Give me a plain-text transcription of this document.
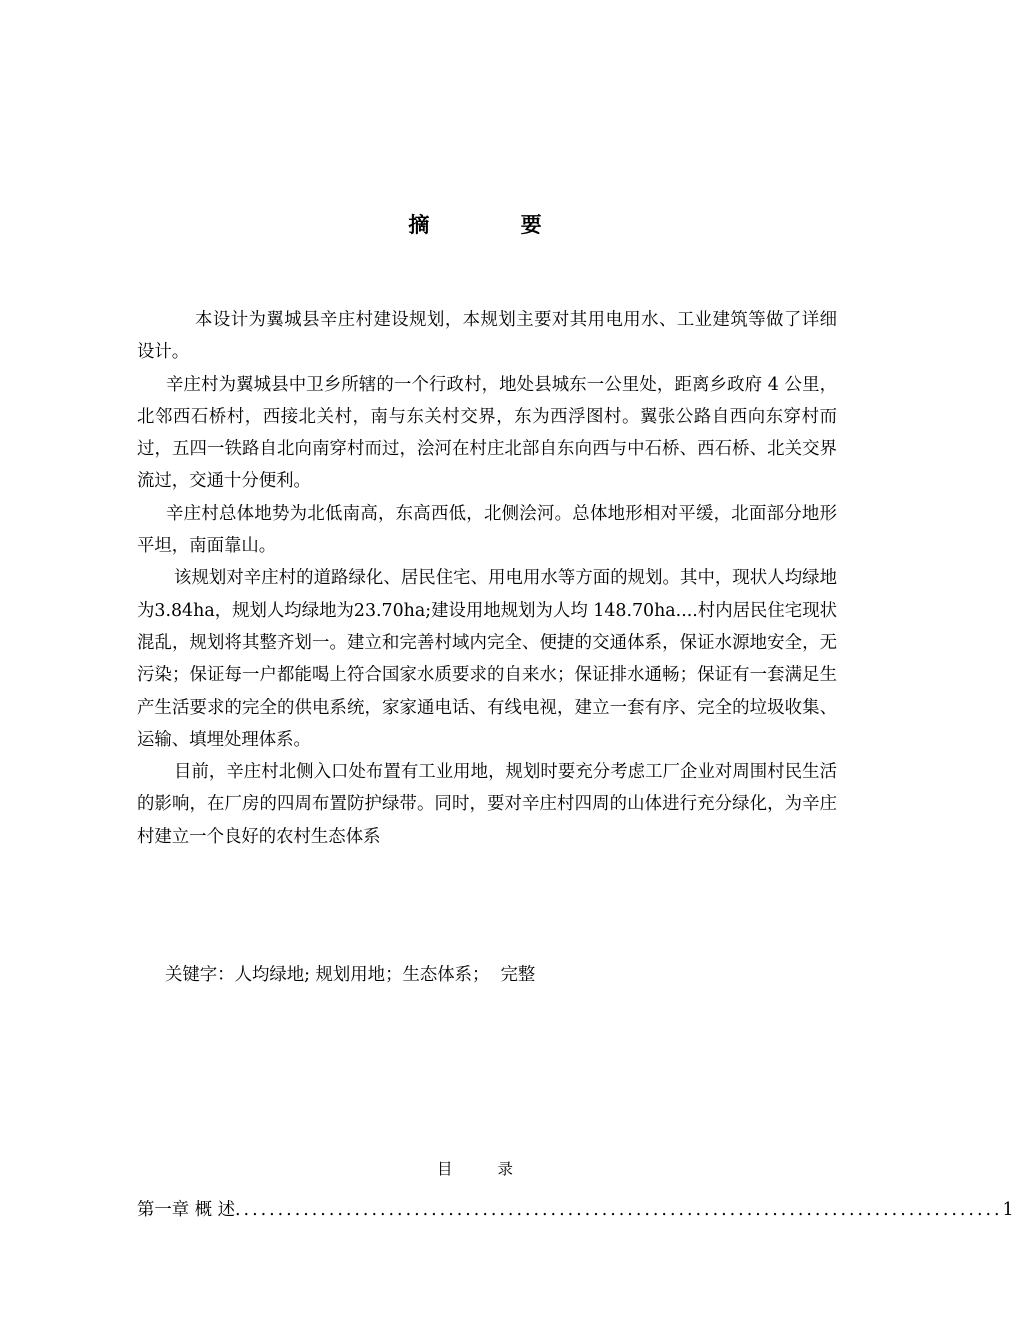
摘 要

本设计为翼城县辛庄村建设规划，本规划主要对其用电用水、工业建筑等做了详细设计。

辛庄村为翼城县中卫乡所辖的一个行政村，地处县城东一公里处，距离乡政府 4 公里，北邻西石桥村，西接北关村，南与东关村交界，东为西浮图村。翼张公路自西向东穿村而过，五四一铁路自北向南穿村而过，浍河在村庄北部自东向西与中石桥、西石桥、北关交界流过，交通十分便利。

辛庄村总体地势为北低南高，东高西低，北侧浍河。总体地形相对平缓，北面部分地形平坦，南面靠山。

该规划对辛庄村的道路绿化、居民住宅、用电用水等方面的规划。其中，现状人均绿地为3.84ha，规划人均绿地为23.70ha;建设用地规划为人均 148.70ha....村内居民住宅现状混乱，规划将其整齐划一。建立和完善村域内完全、便捷的交通体系，保证水源地安全，无污染；保证每一户都能喝上符合国家水质要求的自来水；保证排水通畅；保证有一套满足生产生活要求的完全的供电系统，家家通电话、有线电视，建立一套有序、完全的垃圾收集、运输、填埋处理体系。

目前，辛庄村北侧入口处布置有工业用地，规划时要充分考虑工厂企业对周围村民生活的影响，在厂房的四周布置防护绿带。同时，要对辛庄村四周的山体进行充分绿化，为辛庄村建立一个良好的农村生态体系

关键字：人均绿地; 规划用地；生态体系；  完整
目 录
第一章 概 述 .......................................................................................... 1
